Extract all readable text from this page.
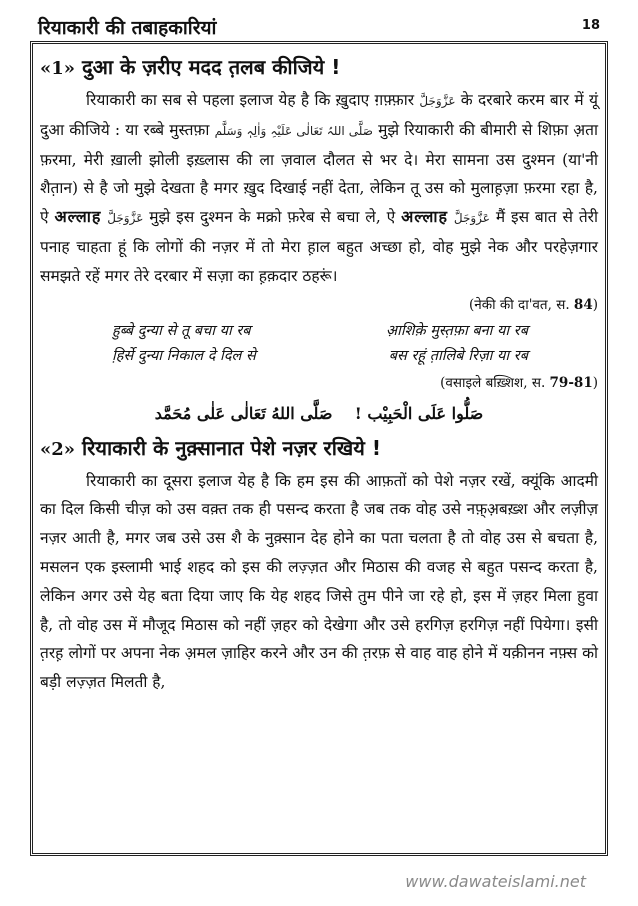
रियाकारी की तबाहकारियां	18
«1» दुआ के ज़रीए मदद त़लब कीजिये !

रियाकारी का सब से पहला इलाज येह है कि ख़ुदाए ग़फ़्फ़ार عَزَّوَجَلَّ के दरबारे करम बार में यूं दुआ कीजिये : या रब्बे मुस्तफ़ा صَلَّی اللہُ تَعَالٰی عَلَیْہِ وَاٰلِہٖ وَسَلَّم मुझे रियाकारी की बीमारी से शिफ़ा अ़ता फ़रमा, मेरी ख़ाली झोली इख़्लास की ला ज़वाल दौलत से भर दे। मेरा सामना उस दुश्मन (या'नी शैत़ान) से है जो मुझे देखता है मगर ख़ुद दिखाई नहीं देता, लेकिन तू उस को मुलाह़ज़ा फ़रमा रहा है, ऐ अल्लाह عَزَّوَجَلَّ मुझे इस दुश्मन के मक्रो फ़रेब से बचा ले, ऐ अल्लाह عَزَّوَجَلَّ मैं इस बात से तेरी पनाह चाहता हूं कि लोगों की नज़र में तो मेरा ह़ाल बहुत अच्छा हो, वोह मुझे नेक और परहेज़गार समझते रहें मगर तेरे दरबार में सज़ा का ह़क़दार ठहरूं।

(नेकी की दा'वत, स. 84)
हुब्बे दुन्या से तू बचा या रब	आ़शिक़े मुस्त़फ़ा बना या रब
हि़र्से दुन्या निकाल दे दिल से	बस रहूं त़ालिबे रिज़ा या रब
(वसाइले बख़्शिश, स. 79-81)
صَلُّوا عَلَى الْحَبِيْب !    صَلَّى اللهُ تَعَالٰى عَلٰى مُحَمَّد
«2» रियाकारी के नुक़्सानात पेशे नज़र रखिये !

रियाकारी का दूसरा इलाज येह है कि हम इस की आफ़तों को पेशे नज़र रखें, क्यूंकि आदमी का दिल किसी चीज़ को उस वक़्त तक ही पसन्द करता है जब तक वोह उसे नफ़्अ़बख़्श और लज़ीज़ नज़र आती है, मगर जब उसे उस शै के नुक़्सान देह होने का पता चलता है तो वोह उस से बचता है, मसलन एक इस्लामी भाई शहद को इस की लज़्ज़त और मिठास की वजह से बहुत पसन्द करता है, लेकिन अगर उसे येह बता दिया जाए कि येह शहद जिसे तुम पीने जा रहे हो, इस में ज़हर मिला हुवा है, तो वोह उस में मौजूद मिठास को नहीं ज़हर को देखेगा और उसे हरगिज़ हरगिज़ नहीं पियेगा। इसी त़रह़ लोगों पर अपना नेक अ़मल ज़ाहिर करने और उन की त़रफ़ से वाह वाह होने में यक़ीनन नफ़्स को बड़ी लज़्ज़त मिलती है,

www.dawateislami.net
